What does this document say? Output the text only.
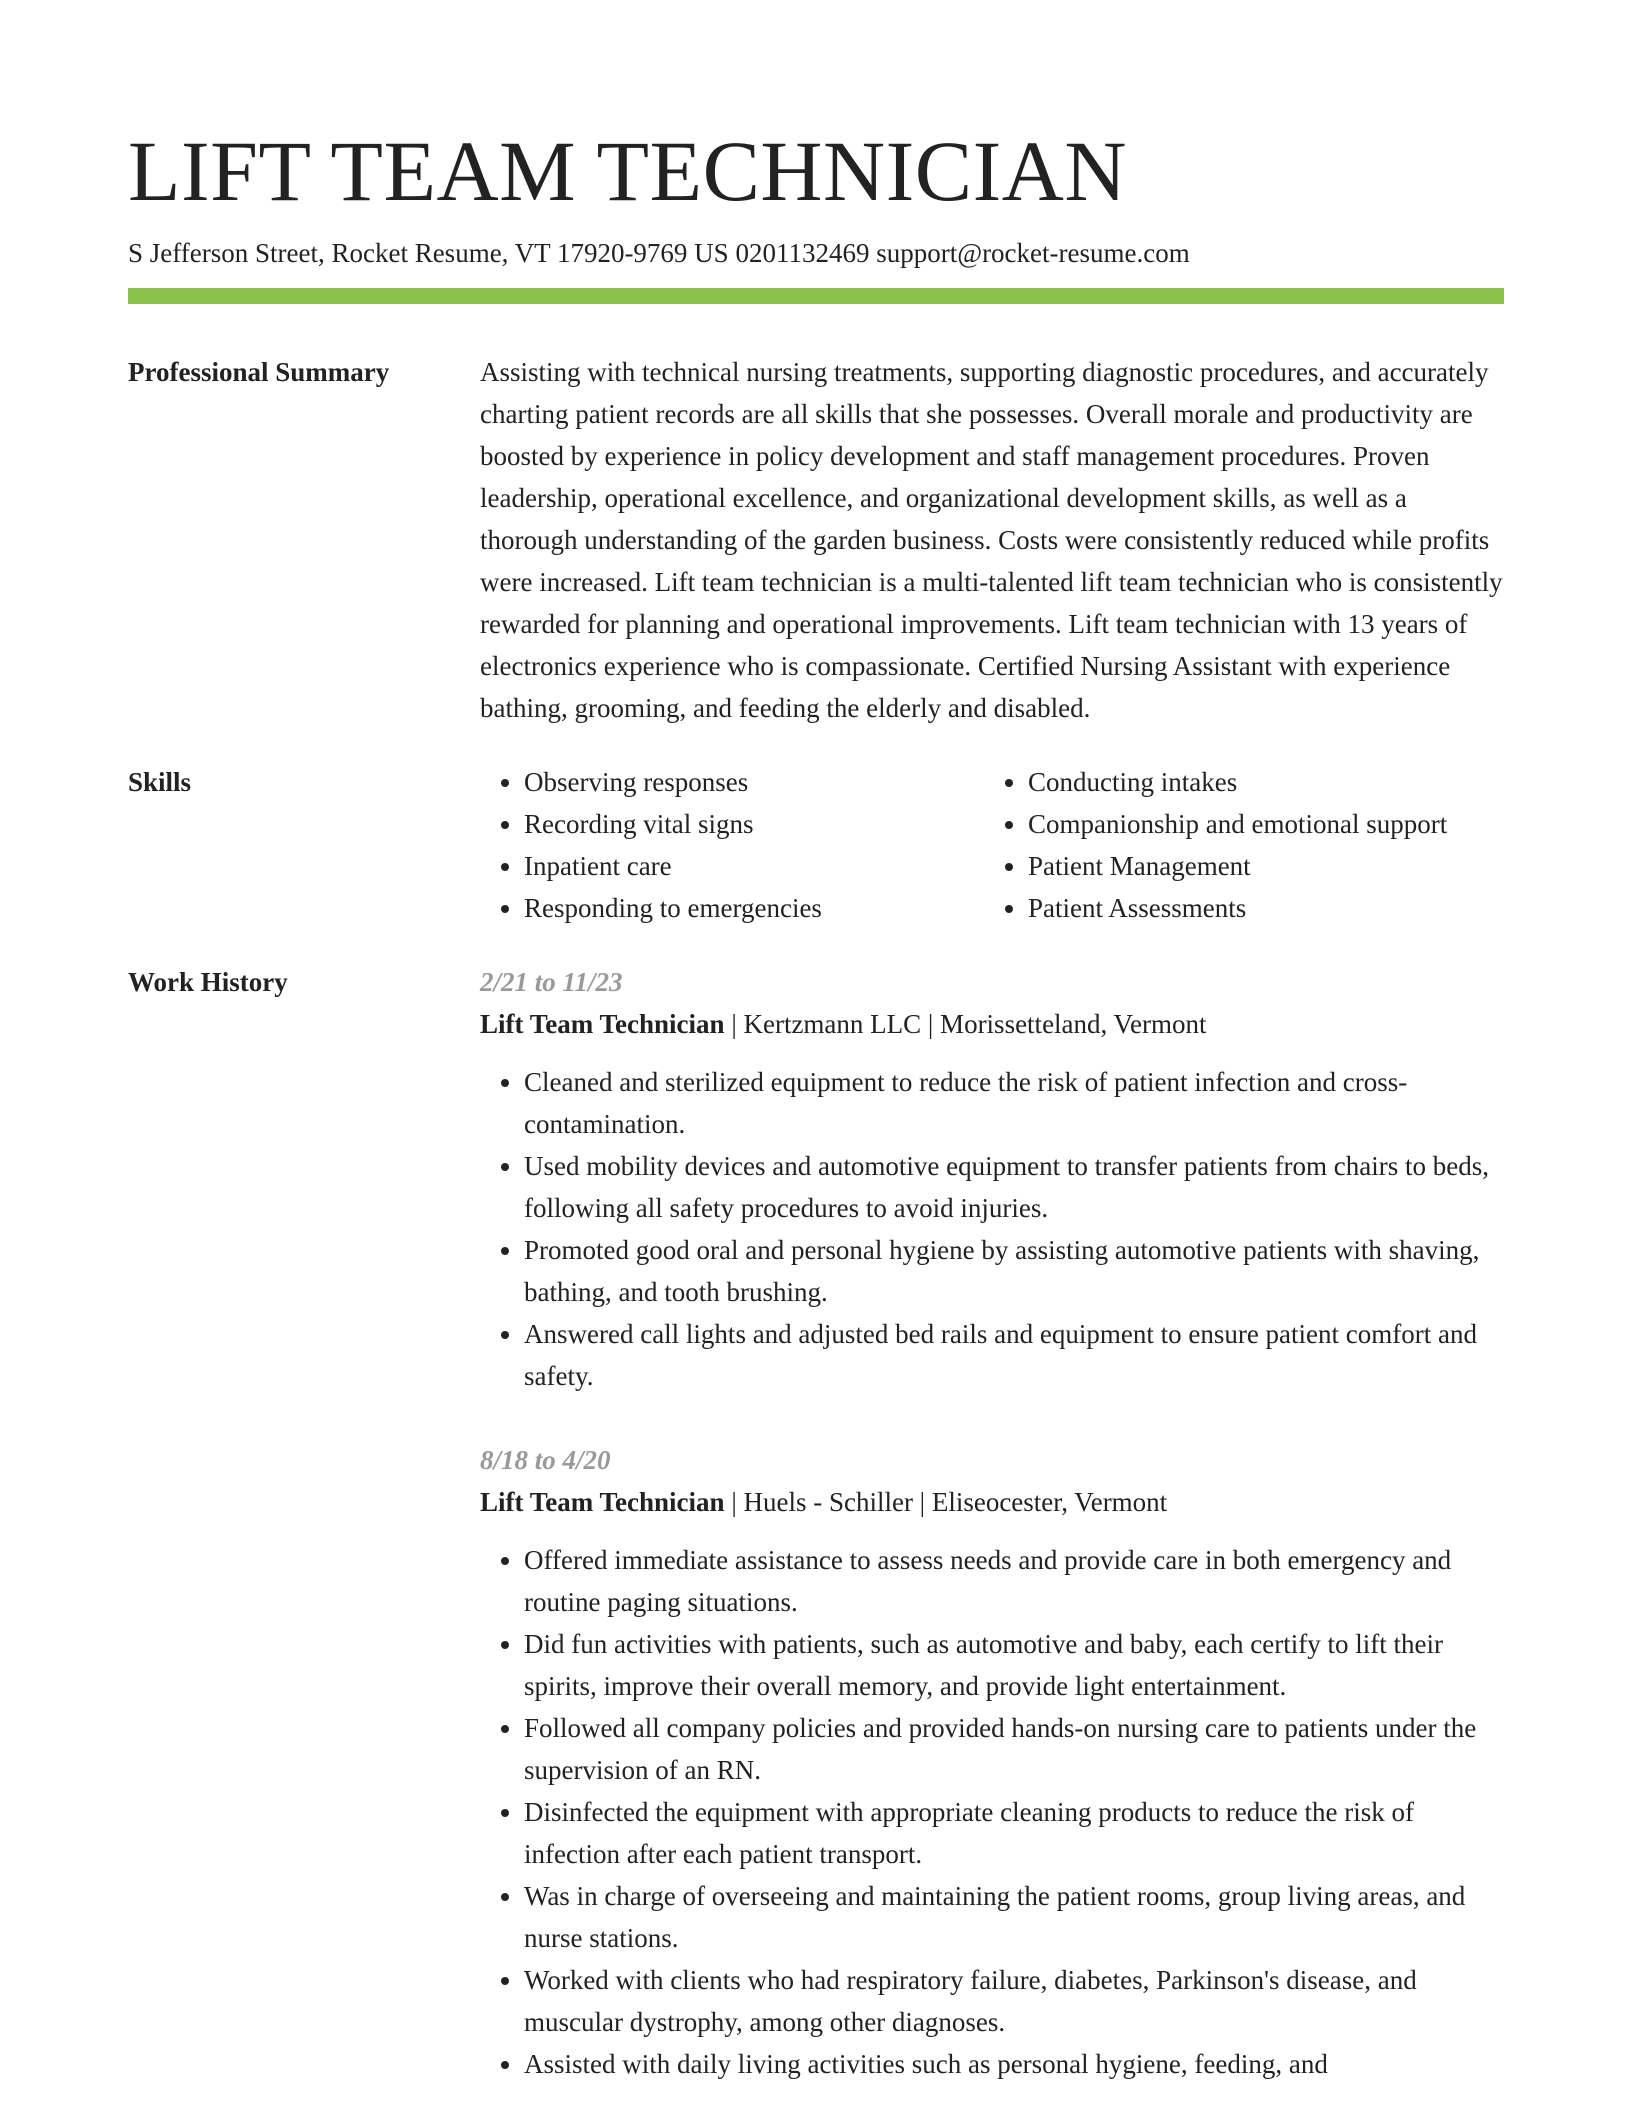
LIFT TEAM TECHNICIAN
S Jefferson Street, Rocket Resume, VT 17920-9769 US 0201132469 support@rocket-resume.com
Professional Summary	Assisting with technical nursing treatments, supporting diagnostic procedures, and accurately charting patient records are all skills that she possesses. Overall morale and productivity are boosted by experience in policy development and staff management procedures. Proven leadership, operational excellence, and organizational development skills, as well as a thorough understanding of the garden business. Costs were consistently reduced while profits were increased. Lift team technician is a multi-talented lift team technician who is consistently rewarded for planning and operational improvements. Lift team technician with 13 years of electronics experience who is compassionate. Certified Nursing Assistant with experience bathing, grooming, and feeding the elderly and disabled.

Skills
•	Observing responses
• Recording vital signs
• Inpatient care
• Responding to emergencies
• Conducting intakes
• Companionship and emotional support
• Patient Management
• Patient Assessments
Work History	2/21 to 11/23
Lift Team Technician | Kertzmann LLC | Morissetteland, Vermont
• Cleaned and sterilized equipment to reduce the risk of patient infection and cross-contamination.
• Used mobility devices and automotive equipment to transfer patients from chairs to beds, following all safety procedures to avoid injuries.
• Promoted good oral and personal hygiene by assisting automotive patients with shaving, bathing, and tooth brushing.
• Answered call lights and adjusted bed rails and equipment to ensure patient comfort and safety.
8/18 to 4/20
Lift Team Technician | Huels - Schiller | Eliseocester, Vermont
• Offered immediate assistance to assess needs and provide care in both emergency and routine paging situations.
• Did fun activities with patients, such as automotive and baby, each certify to lift their spirits, improve their overall memory, and provide light entertainment.
• Followed all company policies and provided hands-on nursing care to patients under the supervision of an RN.
• Disinfected the equipment with appropriate cleaning products to reduce the risk of infection after each patient transport.
• Was in charge of overseeing and maintaining the patient rooms, group living areas, and nurse stations.
• Worked with clients who had respiratory failure, diabetes, Parkinson's disease, and muscular dystrophy, among other diagnoses.
• Assisted with daily living activities such as personal hygiene, feeding, and
